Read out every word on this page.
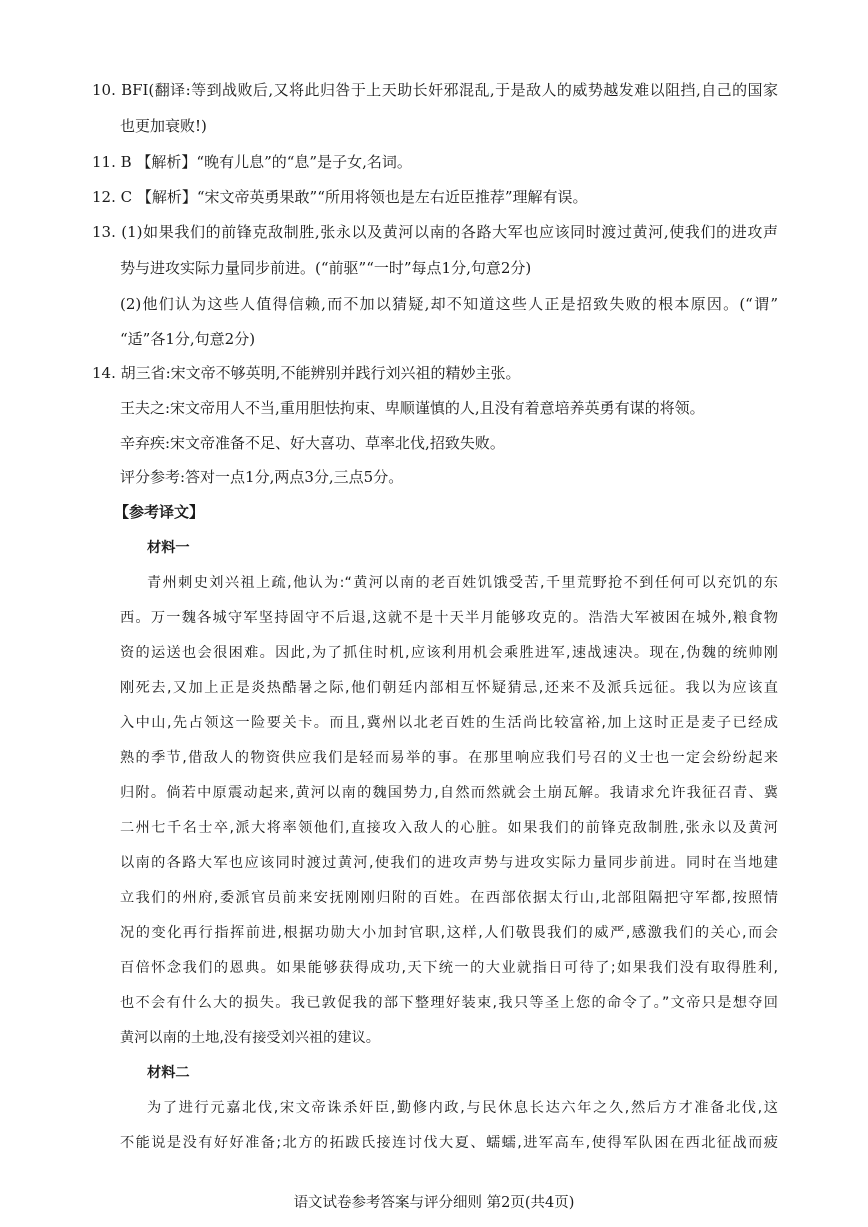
10. BFI(翻译:等到战败后,又将此归咎于上天助长奸邪混乱,于是敌人的威势越发难以阻挡,自己的国家
也更加衰败!)
11. B 【解析】“晚有儿息”的“息”是子女,名词。
12. C 【解析】“宋文帝英勇果敢”“所用将领也是左右近臣推荐”理解有误。
13. (1)如果我们的前锋克敌制胜,张永以及黄河以南的各路大军也应该同时渡过黄河,使我们的进攻声
势与进攻实际力量同步前进。(“前驱”“一时”每点1分,句意2分)
(2)他们认为这些人值得信赖,而不加以猜疑,却不知道这些人正是招致失败的根本原因。(“谓”
“适”各1分,句意2分)
14. 胡三省:宋文帝不够英明,不能辨别并践行刘兴祖的精妙主张。
王夫之:宋文帝用人不当,重用胆怯拘束、卑顺谨慎的人,且没有着意培养英勇有谋的将领。
辛弃疾:宋文帝准备不足、好大喜功、草率北伐,招致失败。
评分参考:答对一点1分,两点3分,三点5分。
【参考译文】
材料一
青州刺史刘兴祖上疏,他认为:“黄河以南的老百姓饥饿受苦,千里荒野抢不到任何可以充饥的东
西。万一魏各城守军坚持固守不后退,这就不是十天半月能够攻克的。浩浩大军被困在城外,粮食物
资的运送也会很困难。因此,为了抓住时机,应该利用机会乘胜进军,速战速决。现在,伪魏的统帅刚
刚死去,又加上正是炎热酷暑之际,他们朝廷内部相互怀疑猜忌,还来不及派兵远征。我以为应该直
入中山,先占领这一险要关卡。而且,冀州以北老百姓的生活尚比较富裕,加上这时正是麦子已经成
熟的季节,借敌人的物资供应我们是轻而易举的事。在那里响应我们号召的义士也一定会纷纷起来
归附。倘若中原震动起来,黄河以南的魏国势力,自然而然就会土崩瓦解。我请求允许我征召青、冀
二州七千名士卒,派大将率领他们,直接攻入敌人的心脏。如果我们的前锋克敌制胜,张永以及黄河
以南的各路大军也应该同时渡过黄河,使我们的进攻声势与进攻实际力量同步前进。同时在当地建
立我们的州府,委派官员前来安抚刚刚归附的百姓。在西部依据太行山,北部阻隔把守军都,按照情
况的变化再行指挥前进,根据功勋大小加封官职,这样,人们敬畏我们的威严,感激我们的关心,而会
百倍怀念我们的恩典。如果能够获得成功,天下统一的大业就指日可待了;如果我们没有取得胜利,
也不会有什么大的损失。我已敦促我的部下整理好装束,我只等圣上您的命令了。”文帝只是想夺回
黄河以南的土地,没有接受刘兴祖的建议。
材料二
为了进行元嘉北伐,宋文帝诛杀奸臣,勤修内政,与民休息长达六年之久,然后方才准备北伐,这
不能说是没有好好准备;北方的拓跋氏接连讨伐大夏、蠕蠕,进军高车,使得军队困在西北征战而疲
语文试卷参考答案与评分细则 第2页(共4页)
